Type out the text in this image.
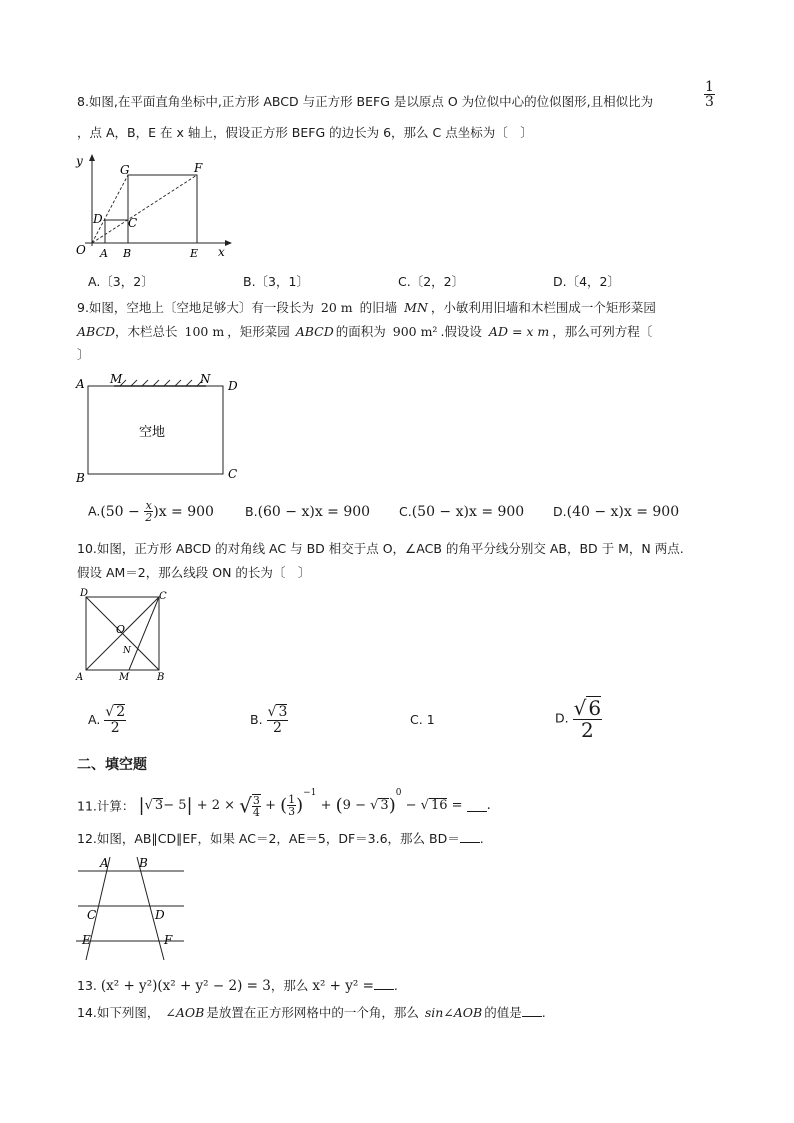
8.如图,在平面直角坐标中,正方形 ABCD 与正方形 BEFG 是以原点 O 为位似中心的位似图形,且相似比为	$\frac{1}{3}$
，点 A，B，E 在 x 轴上，假设正方形 BEFG 的边长为 6，那么 C 点坐标为〔　〕
y
x
O A B	E
D C
G	F
A.〔3，2〕	B.〔3，1〕	C.〔2，2〕	D.〔4，2〕
9.如图，空地上〔空地足够大〕有一段长为 20 m 的旧墙 MN ，小敏利用旧墙和木栏围成一个矩形菜园
ABCD，木栏总长 100 m ，矩形菜园 ABCD 的面积为 900 m² .假设设 AD = x m ，那么可列方程〔
〕
A M	N D
B	C
空地
$A.(50 - \frac{x}{2} )x = 900$ B.(60 − x)x = 900 C.(50 − x)x = 900 D.(40 − x)x = 900
10.如图，正方形 ABCD 的对角线 AC 与 BD 相交于点 O，∠ACB 的角平分线分别交 AB，BD 于 M，N 两点.
假设 AM＝2，那么线段 ON 的长为〔　〕
D	C
O
N
A	M	B
A. $\frac{√ 2}{2}$	B. $\frac{√ 3}{2}$	C. 1	D. $\frac{√ 6}{2}$
二、填空题
11.计算： |√ 3− 5| + 2 × √ $\frac{3}{4}$ + ( $\frac{1}{3} )^{-1} + (9$ − √ 3)$^0$ − √ 16 = .
12.如图，AB∥CD∥EF，如果 AC＝2，AE＝5，DF＝3.6，那么 BD＝ .
A	B
C	D
E	F
13. (x² + y²)(x² + y² − 2) = 3，那么 x² + y² = .
14.如下列图， ∠AOB 是放置在正方形网格中的一个角，那么 sin∠AOB 的值是 .
